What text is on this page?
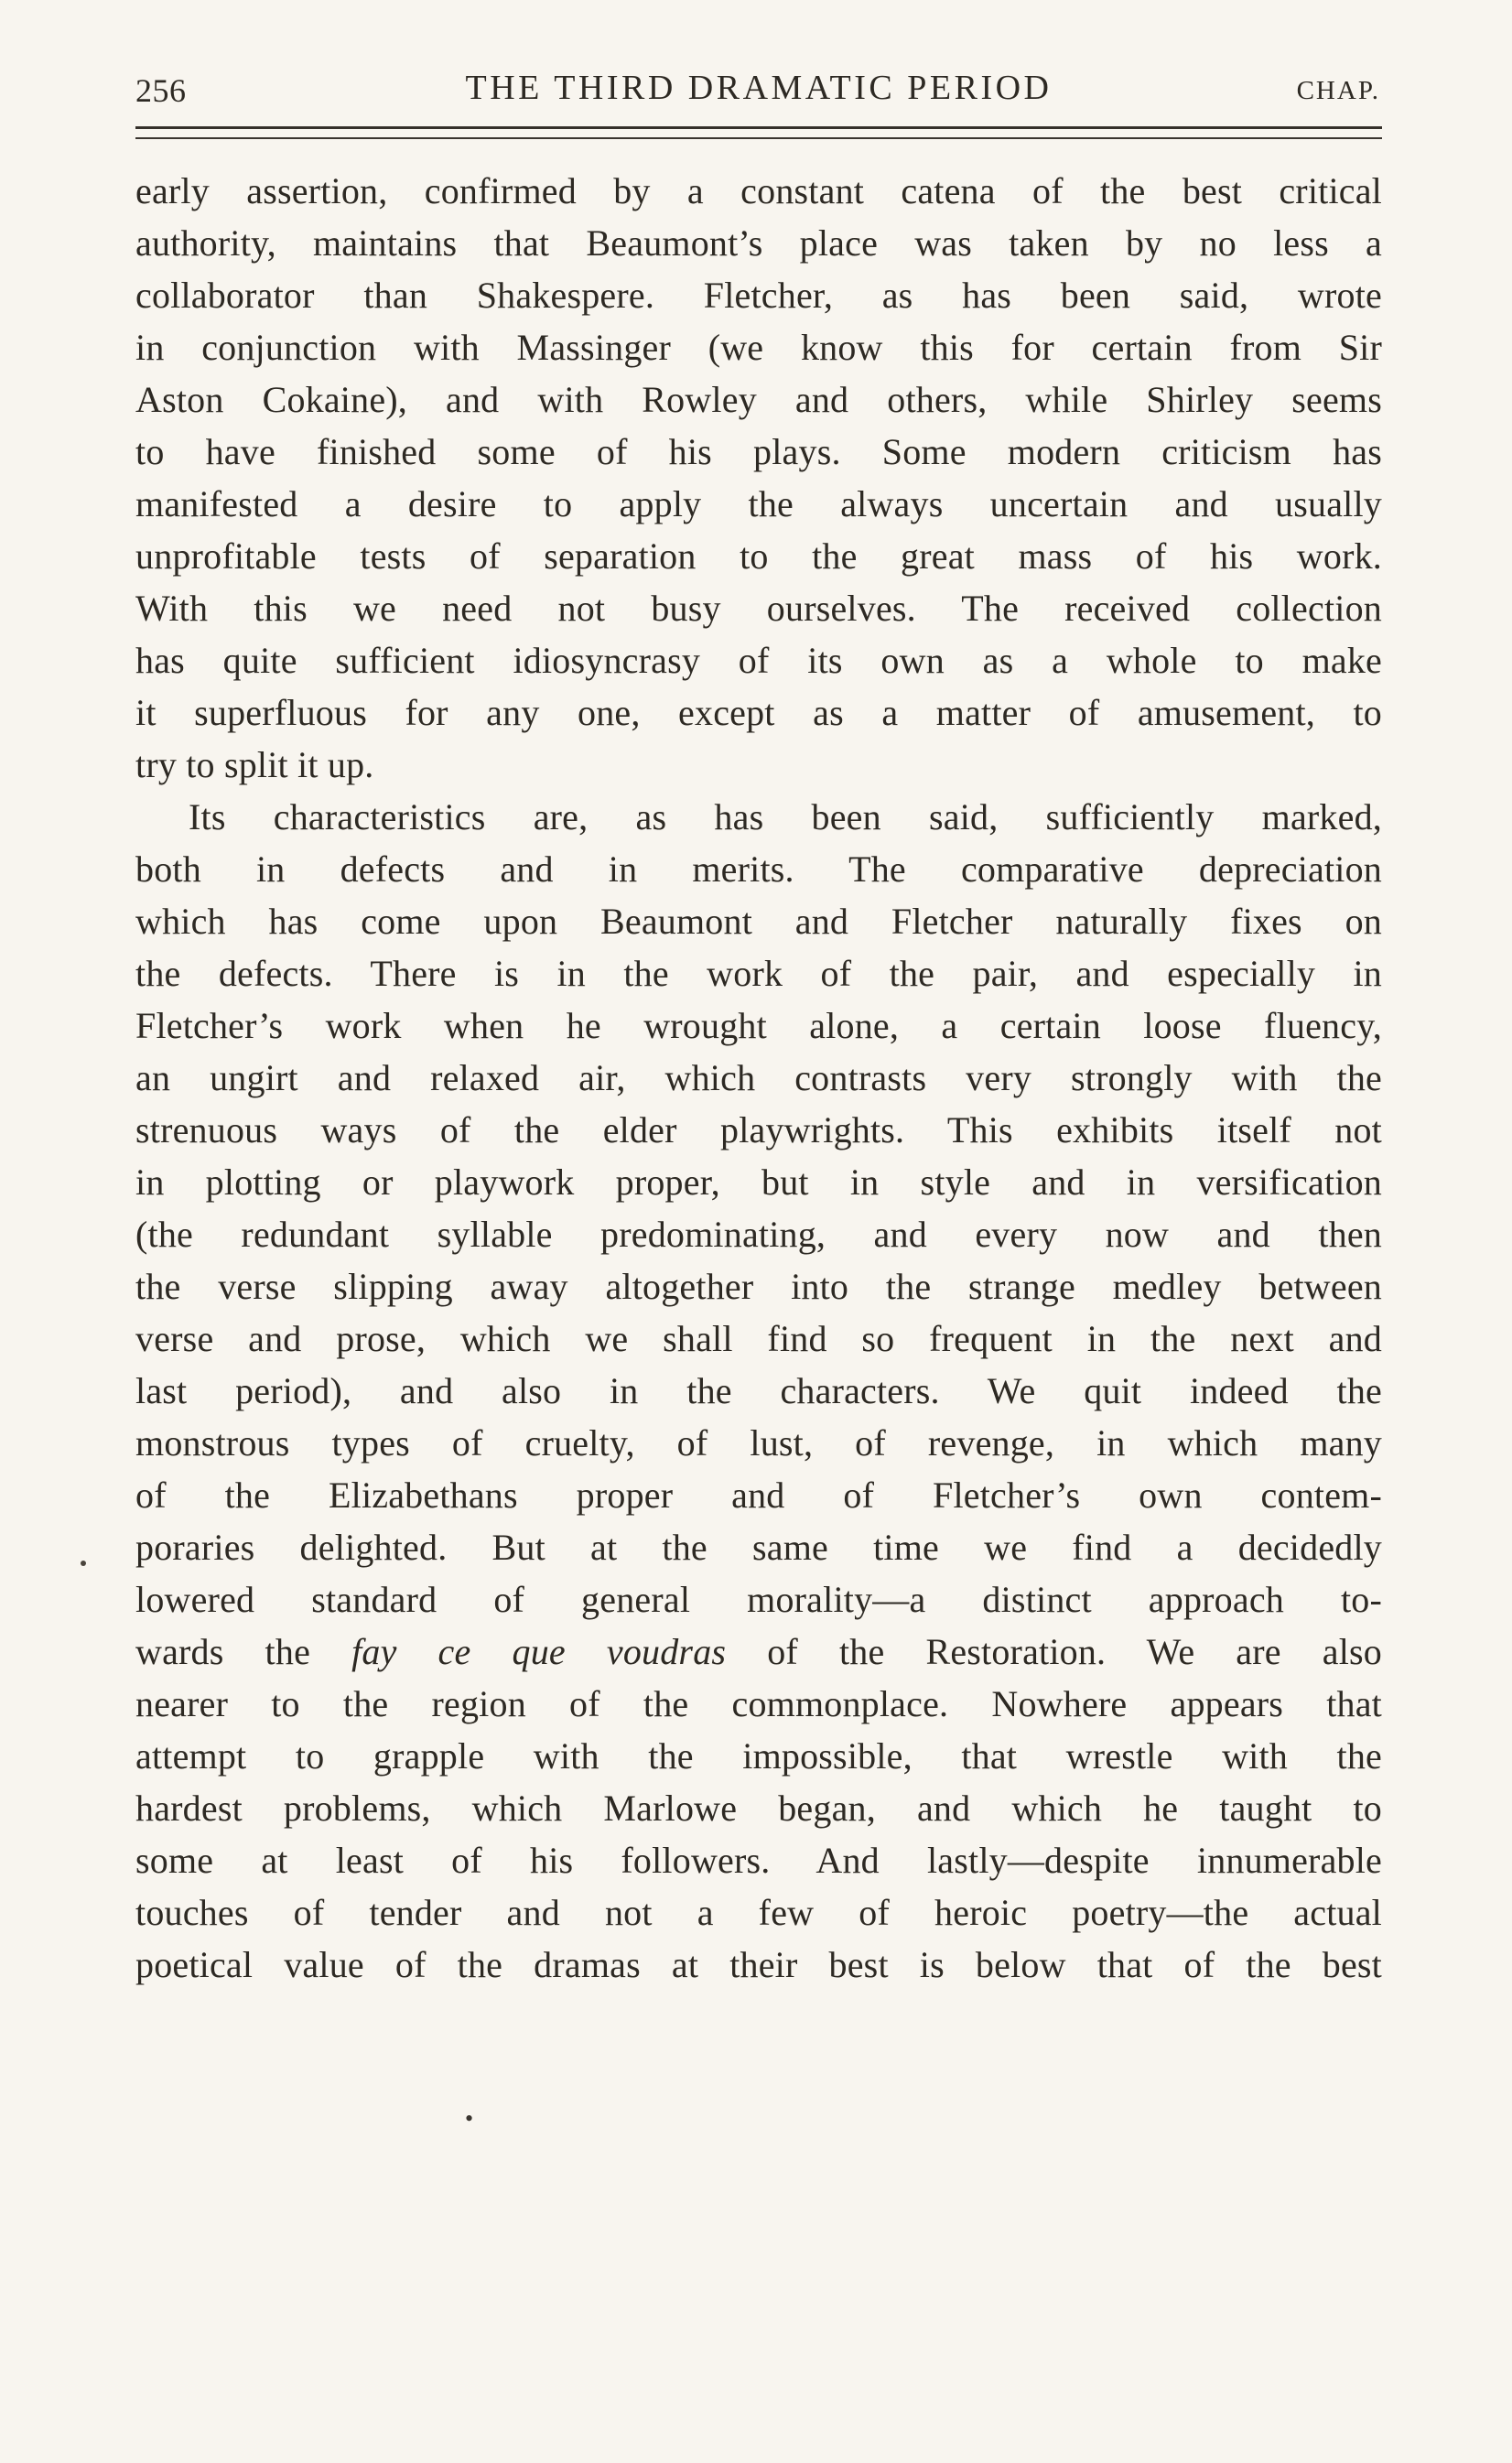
256	THE THIRD DRAMATIC PERIOD	CHAP.
early assertion, confirmed by a constant catena of the best critical
authority, maintains that Beaumont’s place was taken by no less a
collaborator than Shakespere. Fletcher, as has been said, wrote
in conjunction with Massinger (we know this for certain from Sir
Aston Cokaine), and with Rowley and others, while Shirley seems
to have finished some of his plays. Some modern criticism has
manifested a desire to apply the always uncertain and usually
unprofitable tests of separation to the great mass of his work.
With this we need not busy ourselves. The received collection
has quite sufficient idiosyncrasy of its own as a whole to make
it superfluous for any one, except as a matter of amusement, to
try to split it up.
Its characteristics are, as has been said, sufficiently marked,
both in defects and in merits. The comparative depreciation
which has come upon Beaumont and Fletcher naturally fixes on
the defects. There is in the work of the pair, and especially in
Fletcher’s work when he wrought alone, a certain loose fluency,
an ungirt and relaxed air, which contrasts very strongly with the
strenuous ways of the elder playwrights. This exhibits itself not
in plotting or playwork proper, but in style and in versification
(the redundant syllable predominating, and every now and then
the verse slipping away altogether into the strange medley between
verse and prose, which we shall find so frequent in the next and
last period), and also in the characters. We quit indeed the
monstrous types of cruelty, of lust, of revenge, in which many
of the Elizabethans proper and of Fletcher’s own contem-
poraries delighted. But at the same time we find a decidedly
lowered standard of general morality—a distinct approach to-
wards the fay ce que voudras of the Restoration. We are also
nearer to the region of the commonplace. Nowhere appears that
attempt to grapple with the impossible, that wrestle with the
hardest problems, which Marlowe began, and which he taught to
some at least of his followers. And lastly—despite innumerable
touches of tender and not a few of heroic poetry—the actual
poetical value of the dramas at their best is below that of the best
•
